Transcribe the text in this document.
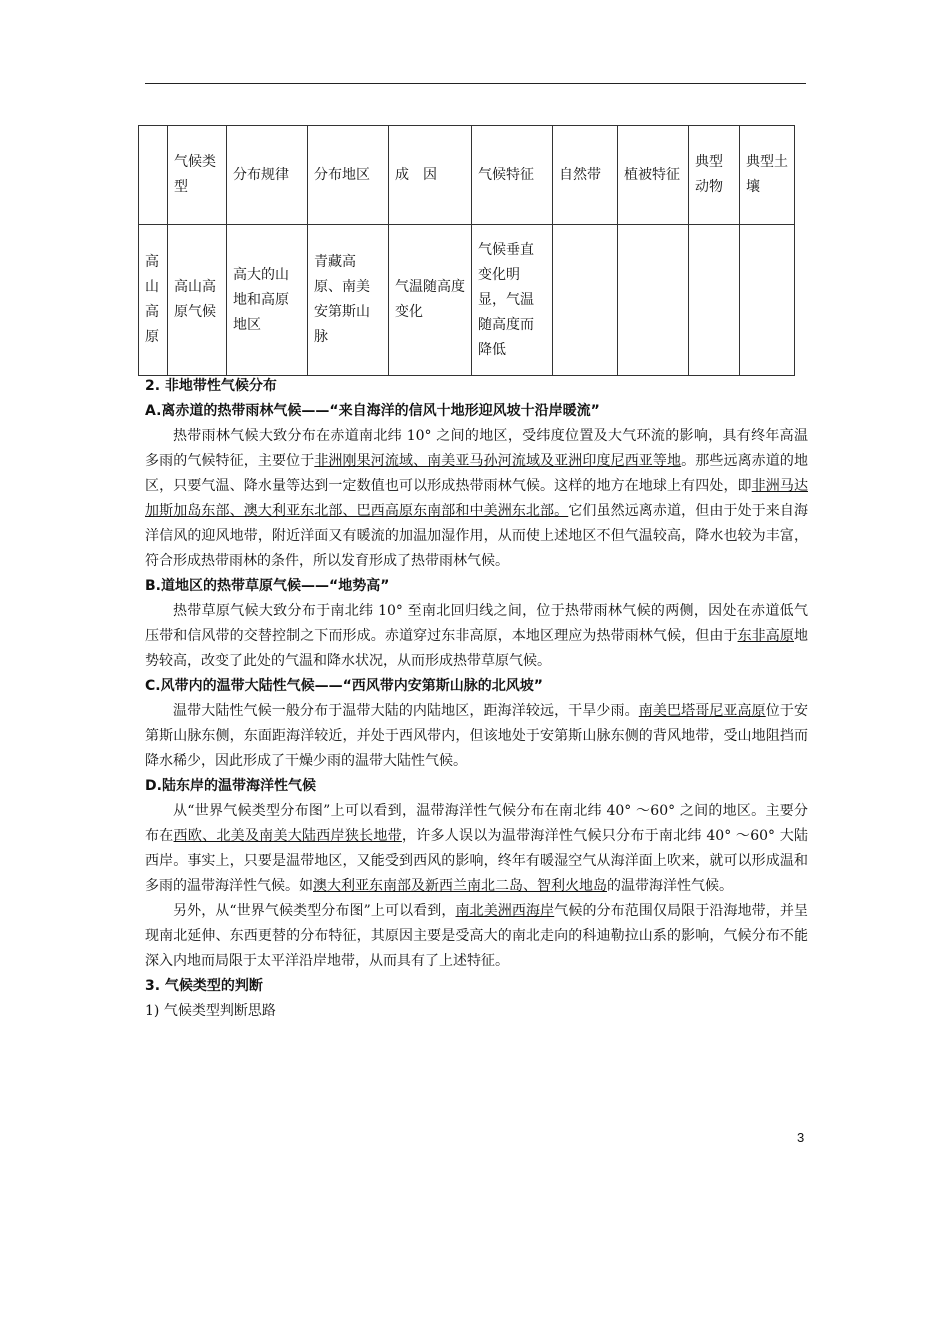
	气候类型	分布规律	分布地区	成　因	气候特征	自然带	植被特征	典型动物	典型土壤
高山高原	高山高原气候	高大的山地和高原地区	青藏高原、南美安第斯山脉	气温随高度变化	气候垂直变化明显，气温随高度而降低				
2. 非地带性气候分布
A.离赤道的热带雨林气候——“来自海洋的信风十地形迎风坡十沿岸暖流”

热带雨林气候大致分布在赤道南北纬 10° 之间的地区，受纬度位置及大气环流的影响，具有终年高温多雨的气候特征，主要位于非洲刚果河流域、南美亚马孙河流域及亚洲印度尼西亚等地。那些远离赤道的地区，只要气温、降水量等达到一定数值也可以形成热带雨林气候。这样的地方在地球上有四处，即非洲马达加斯加岛东部、澳大利亚东北部、巴西高原东南部和中美洲东北部。它们虽然远离赤道，但由于处于来自海洋信风的迎风地带，附近洋面又有暖流的加温加湿作用，从而使上述地区不但气温较高，降水也较为丰富，符合形成热带雨林的条件，所以发育形成了热带雨林气候。

B.道地区的热带草原气候——“地势高”

热带草原气候大致分布于南北纬 10° 至南北回归线之间，位于热带雨林气候的两侧，因处在赤道低气压带和信风带的交替控制之下而形成。赤道穿过东非高原，本地区理应为热带雨林气候，但由于东非高原地势较高，改变了此处的气温和降水状况，从而形成热带草原气候。

C.风带内的温带大陆性气候——“西风带内安第斯山脉的北风坡”

温带大陆性气候一般分布于温带大陆的内陆地区，距海洋较远，干旱少雨。南美巴塔哥尼亚高原位于安第斯山脉东侧，东面距海洋较近，并处于西风带内，但该地处于安第斯山脉东侧的背风地带，受山地阻挡而降水稀少，因此形成了干燥少雨的温带大陆性气候。

D.陆东岸的温带海洋性气候

从“世界气候类型分布图”上可以看到，温带海洋性气候分布在南北纬 40° ～60° 之间的地区。主要分布在西欧、北美及南美大陆西岸狭长地带，许多人误以为温带海洋性气候只分布于南北纬 40° ～60° 大陆西岸。事实上，只要是温带地区，又能受到西风的影响，终年有暖湿空气从海洋面上吹来，就可以形成温和多雨的温带海洋性气候。如澳大利亚东南部及新西兰南北二岛、智利火地岛的温带海洋性气候。

另外，从“世界气候类型分布图”上可以看到，南北美洲西海岸气候的分布范围仅局限于沿海地带，并呈现南北延伸、东西更替的分布特征，其原因主要是受高大的南北走向的科迪勒拉山系的影响，气候分布不能深入内地而局限于太平洋沿岸地带，从而具有了上述特征。

3. 气候类型的判断
1) 气候类型判断思路
3
